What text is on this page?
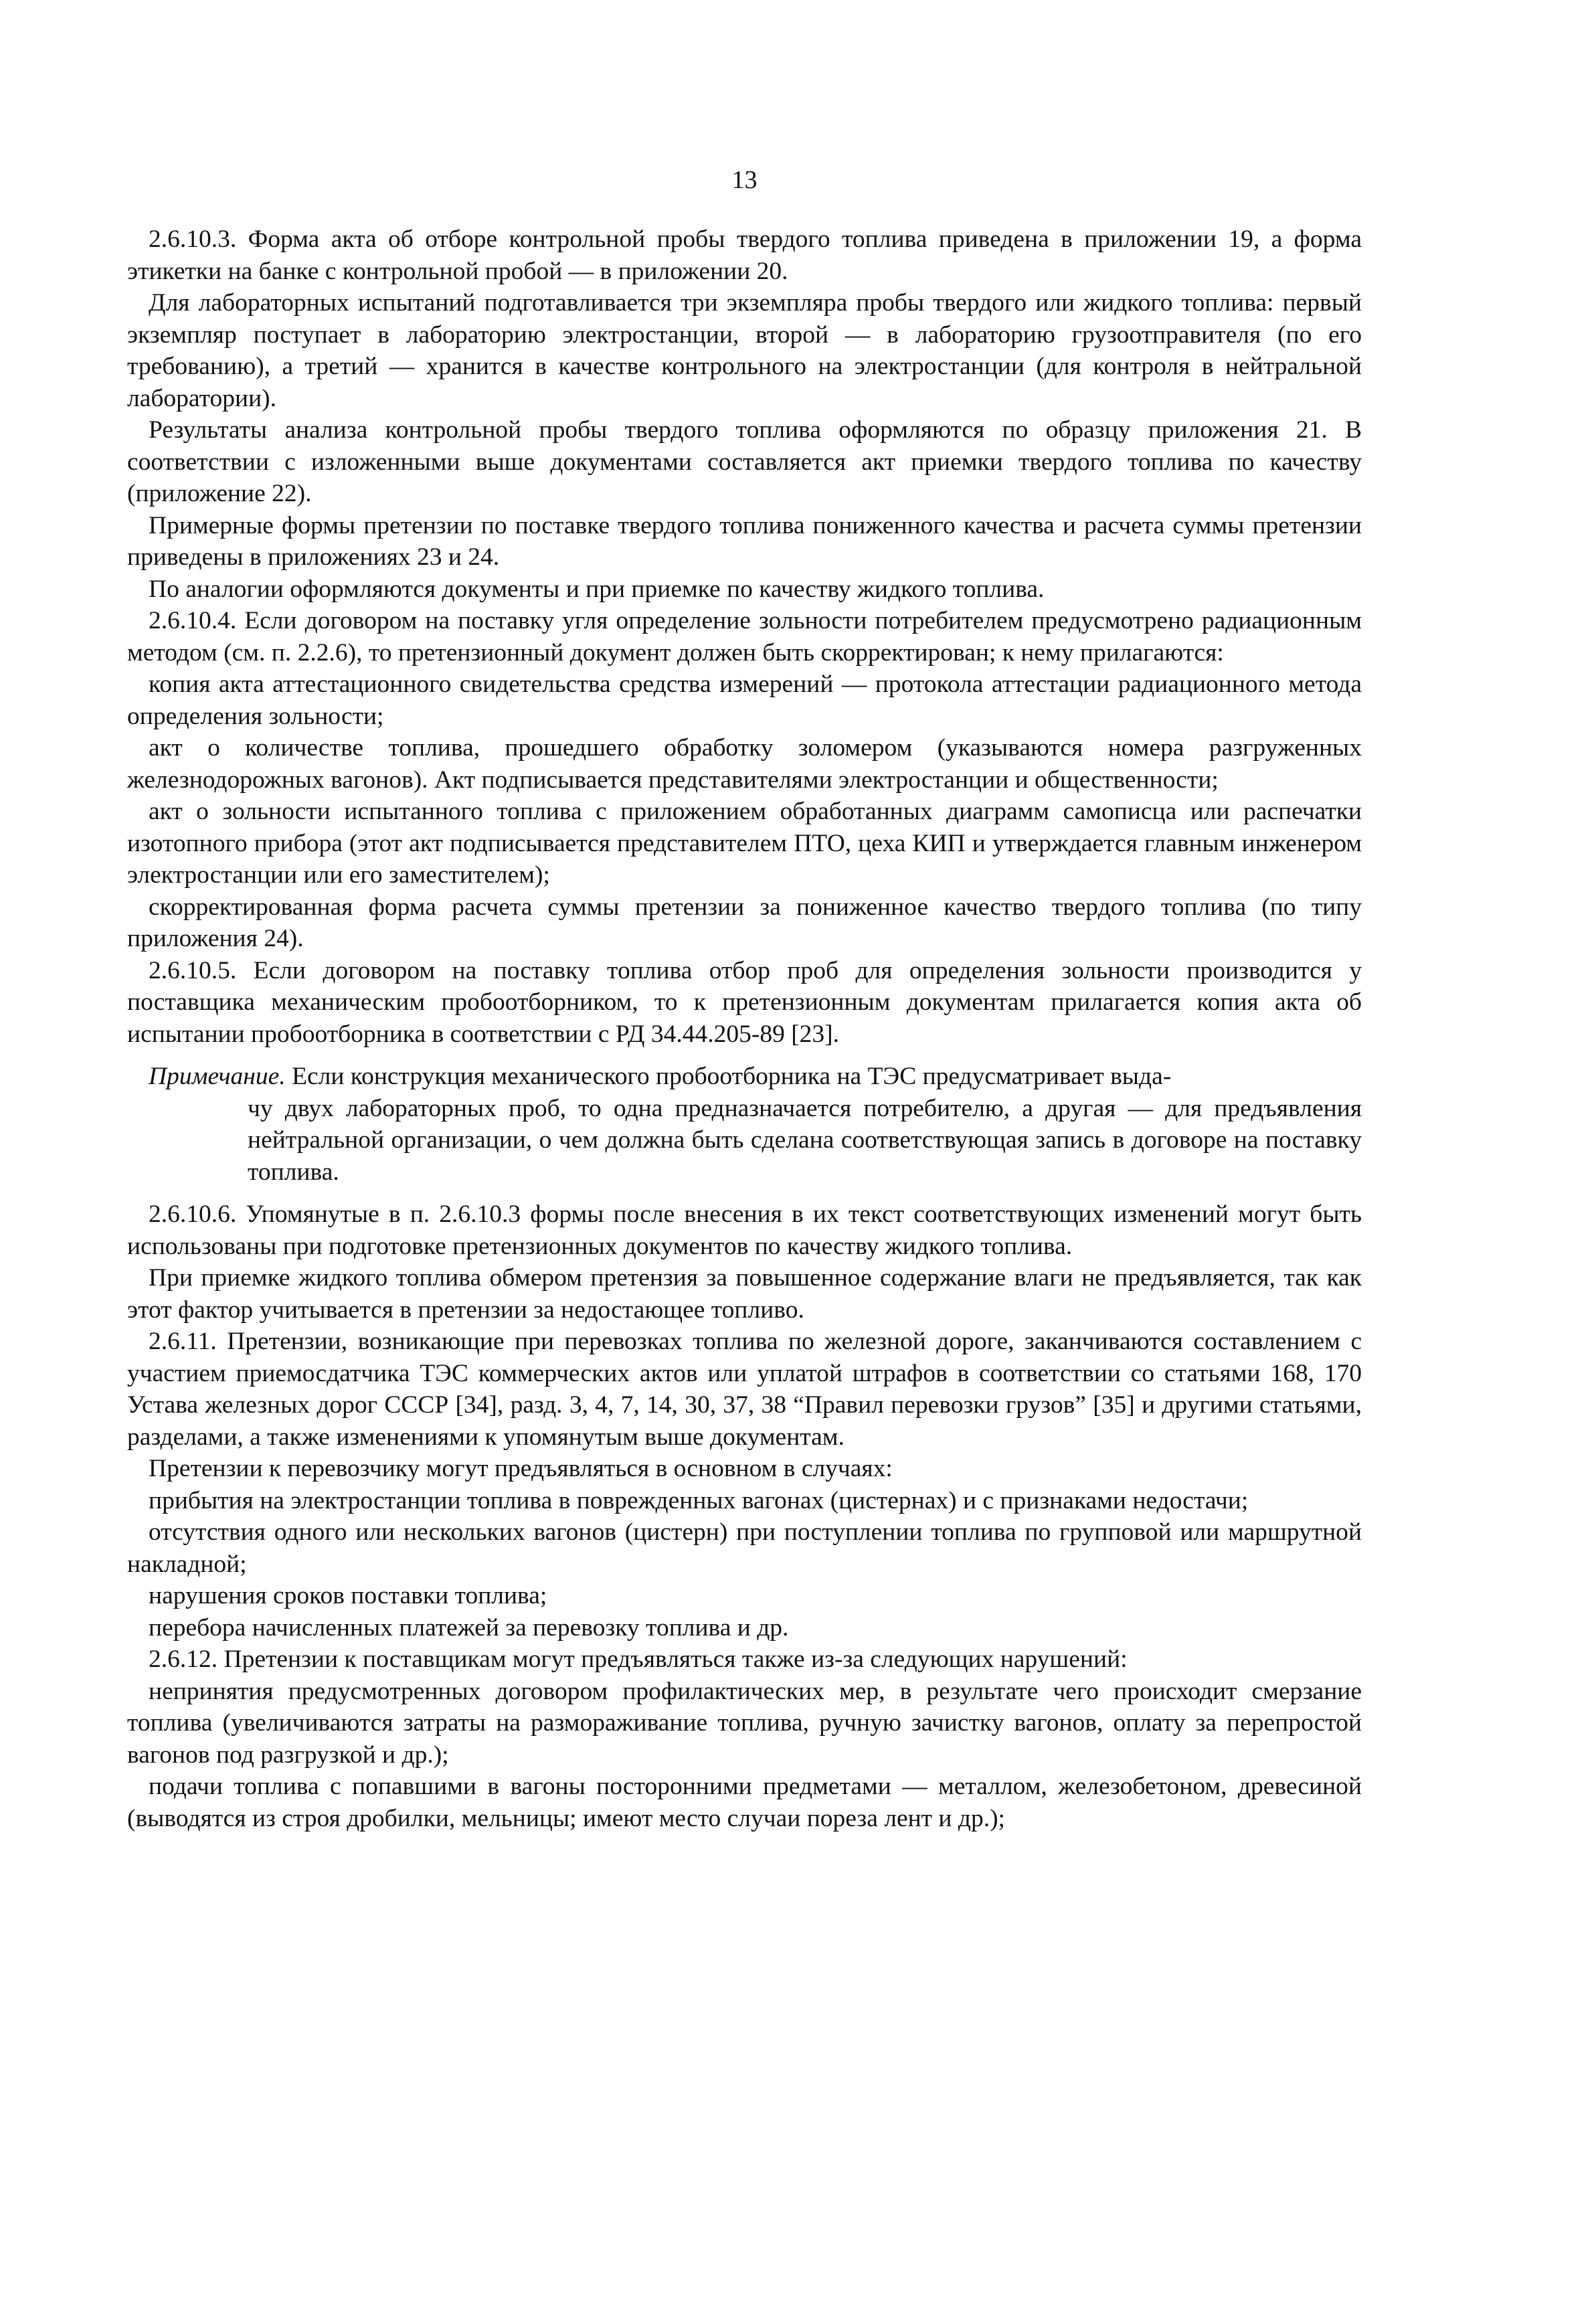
13

2.6.10.3. Форма акта об отборе контрольной пробы твердого топлива приведена в приложении 19, а форма этикетки на банке с контрольной пробой — в приложении 20.

Для лабораторных испытаний подготавливается три экземпляра пробы твердого или жидкого топлива: первый экземпляр поступает в лабораторию электростанции, второй — в лабораторию грузоотправителя (по его требованию), а третий — хранится в качестве контрольного на электростанции (для контроля в нейтральной лаборатории).

Результаты анализа контрольной пробы твердого топлива оформляются по образцу приложения 21. В соответствии с изложенными выше документами составляется акт приемки твердого топлива по качеству (приложение 22).

Примерные формы претензии по поставке твердого топлива пониженного качества и расчета суммы претензии приведены в приложениях 23 и 24.

По аналогии оформляются документы и при приемке по качеству жидкого топлива.

2.6.10.4. Если договором на поставку угля определение зольности потребителем предусмотрено радиационным методом (см. п. 2.2.6), то претензионный документ должен быть скорректирован; к нему прилагаются:

копия акта аттестационного свидетельства средства измерений — протокола аттестации радиационного метода определения зольности;

акт о количестве топлива, прошедшего обработку золомером (указываются номера разгруженных железнодорожных вагонов). Акт подписывается представителями электростанции и общественности;

акт о зольности испытанного топлива с приложением обработанных диаграмм самописца или распечатки изотопного прибора (этот акт подписывается представителем ПТО, цеха КИП и утверждается главным инженером электростанции или его заместителем);

скорректированная форма расчета суммы претензии за пониженное качество твердого топлива (по типу приложения 24).

2.6.10.5. Если договором на поставку топлива отбор проб для определения зольности производится у поставщика механическим пробоотборником, то к претензионным документам прилагается копия акта об испытании пробоотборника в соответствии с РД 34.44.205-89 [23].

Примечание. Если конструкция механического пробоотборника на ТЭС предусматривает выда-
чу двух лабораторных проб, то одна предназначается потребителю, а другая — для предъявления нейтральной организации, о чем должна быть сделана соответствующая запись в договоре на поставку топлива.

2.6.10.6. Упомянутые в п. 2.6.10.3 формы после внесения в их текст соответствующих изменений могут быть использованы при подготовке претензионных документов по качеству жидкого топлива.

При приемке жидкого топлива обмером претензия за повышенное содержание влаги не предъявляется, так как этот фактор учитывается в претензии за недостающее топливо.

2.6.11. Претензии, возникающие при перевозках топлива по железной дороге, заканчиваются составлением с участием приемосдатчика ТЭС коммерческих актов или уплатой штрафов в соответствии со статьями 168, 170 Устава железных дорог СССР [34], разд. 3, 4, 7, 14, 30, 37, 38 “Правил перевозки грузов” [35] и другими статьями, разделами, а также изменениями к упомянутым выше документам.

Претензии к перевозчику могут предъявляться в основном в случаях:

прибытия на электростанции топлива в поврежденных вагонах (цистернах) и с признаками недостачи;

отсутствия одного или нескольких вагонов (цистерн) при поступлении топлива по групповой или маршрутной накладной;

нарушения сроков поставки топлива;

перебора начисленных платежей за перевозку топлива и др.

2.6.12. Претензии к поставщикам могут предъявляться также из-за следующих нарушений:

непринятия предусмотренных договором профилактических мер, в результате чего происходит смерзание топлива (увеличиваются затраты на размораживание топлива, ручную зачистку вагонов, оплату за перепростой вагонов под разгрузкой и др.);

подачи топлива с попавшими в вагоны посторонними предметами — металлом, железобетоном, древесиной (выводятся из строя дробилки, мельницы; имеют место случаи пореза лент и др.);
